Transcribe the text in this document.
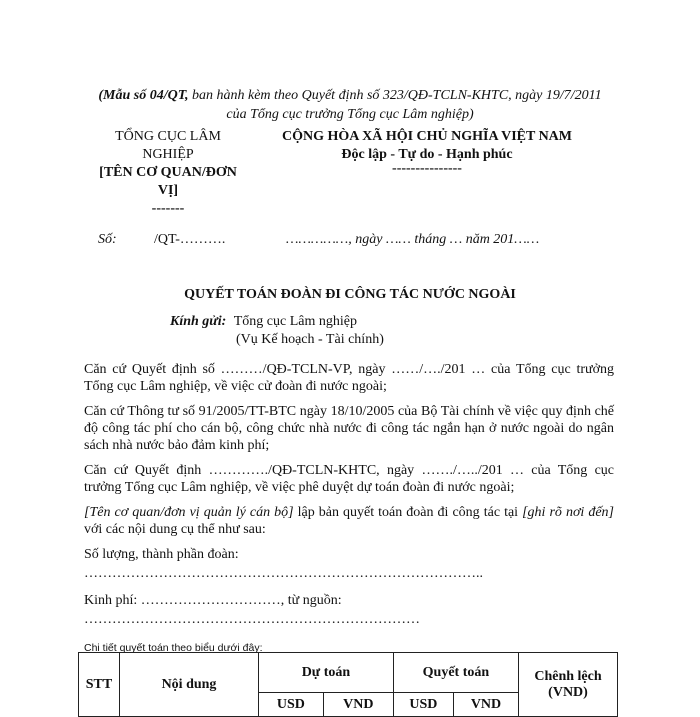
(Mẫu số 04/QT, ban hành kèm theo Quyết định số 323/QĐ-TCLN-KHTC, ngày 19/7/2011 của Tổng cục trưởng Tổng cục Lâm nghiệp)
TỔNG CỤC LÂM NGHIỆP
[TÊN CƠ QUAN/ĐƠN VỊ]
-------
CỘNG HÒA XÃ HỘI CHỦ NGHĨA VIỆT NAM
Độc lập - Tự do - Hạnh phúc
---------------
Số:	/QT-……….	……………, ngày …… tháng … năm 201……
QUYẾT TOÁN ĐOÀN ĐI CÔNG TÁC NƯỚC NGOÀI
Kính gửi: Tổng cục Lâm nghiệp
(Vụ Kế hoạch - Tài chính)

Căn cứ Quyết định số ………/QĐ-TCLN-VP, ngày ……/…./201 … của Tổng cục trưởng Tổng cục Lâm nghiệp, về việc cử đoàn đi nước ngoài;

Căn cứ Thông tư số 91/2005/TT-BTC ngày 18/10/2005 của Bộ Tài chính về việc quy định chế độ công tác phí cho cán bộ, công chức nhà nước đi công tác ngắn hạn ở nước ngoài do ngân sách nhà nước bảo đảm kinh phí;

Căn cứ Quyết định …………./QĐ-TCLN-KHTC, ngày ……./…../201 … của Tổng cục trưởng Tổng cục Lâm nghiệp, về việc phê duyệt dự toán đoàn đi nước ngoài;

[Tên cơ quan/đơn vị quản lý cán bộ] lập bản quyết toán đoàn đi công tác tại [ghi rõ nơi đến] với các nội dung cụ thể như sau:

Số lượng, thành phần đoàn:

…………………………………………………………………………..

Kinh phí: …………………………, từ nguồn:

………………………………………………………………

Chi tiết quyết toán theo biểu dưới đây:

STT	Nội dung	Dự toán		Quyết toán		Chênh lệch (VND)
		USD	VND	USD	VND	
